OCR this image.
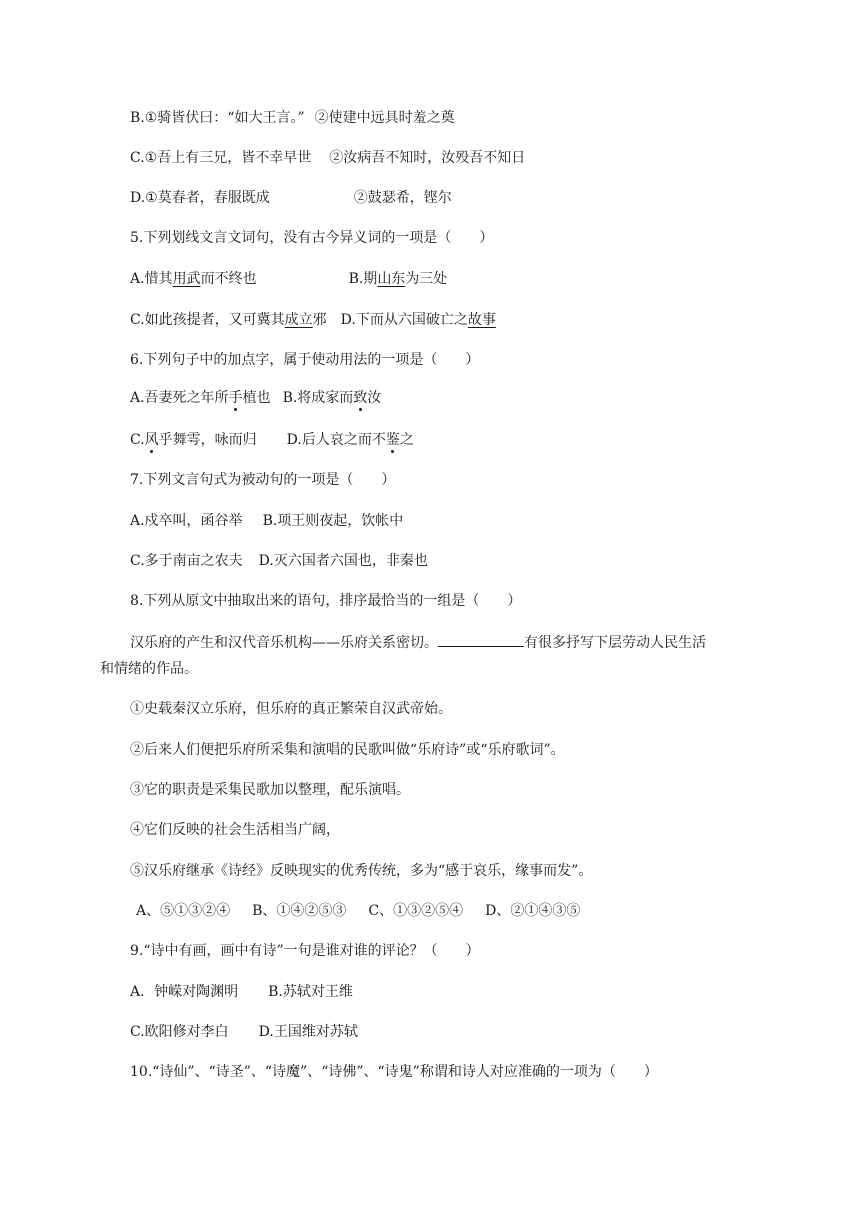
B.①骑皆伏曰：“如大王言。” ②使建中远具时羞之奠
C.①吾上有三兄，皆不幸早世 ②汝病吾不知时，汝殁吾不知日
D.①莫春者，春服既成	②鼓瑟希，铿尔
5.下列划线文言文词句，没有古今异义词的一项是（　　）
A.惜其用武而不终也	B.期山东为三处
C.如此孩提者，又可冀其成立邪 D.下而从六国破亡之故事
6.下列句子中的加点字，属于使动用法的一项是（　　）
A.吾妻死之年所手植也 B.将成家而致汝
C.风乎舞雩，咏而归 D.后人哀之而不鉴之
7.下列文言句式为被动句的一项是（　　）
A.戍卒叫，函谷举 B.项王则夜起，饮帐中
C.多于南亩之农夫 D.灭六国者六国也，非秦也
8.下列从原文中抽取出来的语句，排序最恰当的一组是（　　）
汉乐府的产生和汉代音乐机构——乐府关系密切。	有很多抒写下层劳动人民生活
和情绪的作品。
①史载秦汉立乐府，但乐府的真正繁荣自汉武帝始。
②后来人们便把乐府所采集和演唱的民歌叫做“乐府诗”或“乐府歌词”。
③它的职责是采集民歌加以整理，配乐演唱。
④它们反映的社会生活相当广阔，
⑤汉乐府继承《诗经》反映现实的优秀传统，多为“感于哀乐，缘事而发”。
A、⑤①③②④ B、①④②⑤③ C、①③②⑤④ D、②①④③⑤
9.“诗中有画，画中有诗”一句是谁对谁的评论？（　　）
A．钟嵘对陶渊明 B.苏轼对王维
C.欧阳修对李白 D.王国维对苏轼
10.“诗仙”、“诗圣”、“诗魔”、“诗佛”、“诗鬼”称谓和诗人对应准确的一项为（　　）
